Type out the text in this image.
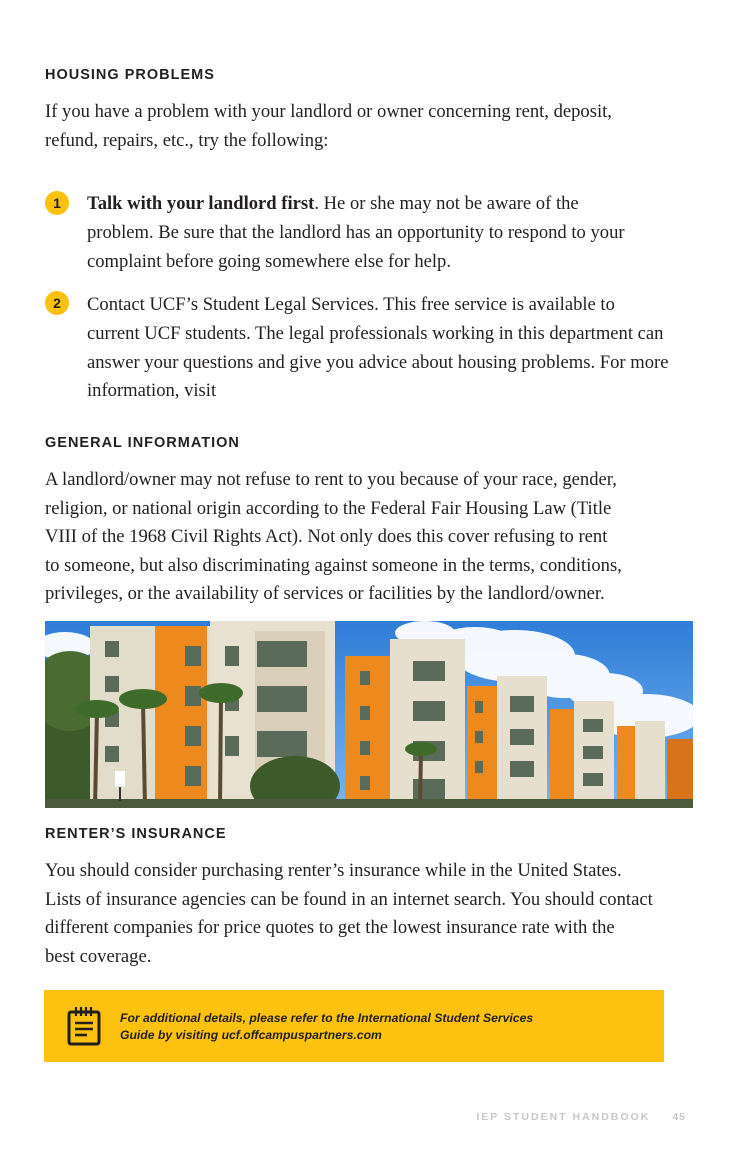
HOUSING PROBLEMS

If you have a problem with your landlord or owner concerning rent, deposit,
refund, repairs, etc., try the following:

1	Talk with your landlord first. He or she may not be aware of the
problem. Be sure that the landlord has an opportunity to respond to your
complaint before going somewhere else for help.

2	Contact UCF’s Student Legal Services. This free service is available to
current UCF students. The legal professionals working in this department can
answer your questions and give you advice about housing problems. For more
information, visit

GENERAL INFORMATION

A landlord/owner may not refuse to rent to you because of your race, gender,
religion, or national origin according to the Federal Fair Housing Law (Title
VIII of the 1968 Civil Rights Act). Not only does this cover refusing to rent
to someone, but also discriminating against someone in the terms, conditions,
privileges, or the availability of services or facilities by the landlord/owner.

RENTER’S INSURANCE

You should consider purchasing renter’s insurance while in the United States.
Lists of insurance agencies can be found in an internet search. You should contact
different companies for price quotes to get the lowest insurance rate with the
best coverage.

For additional details, please refer to the International Student Services
Guide by visiting ucf.offcampuspartners.com
IEP STUDENT HANDBOOK 45
